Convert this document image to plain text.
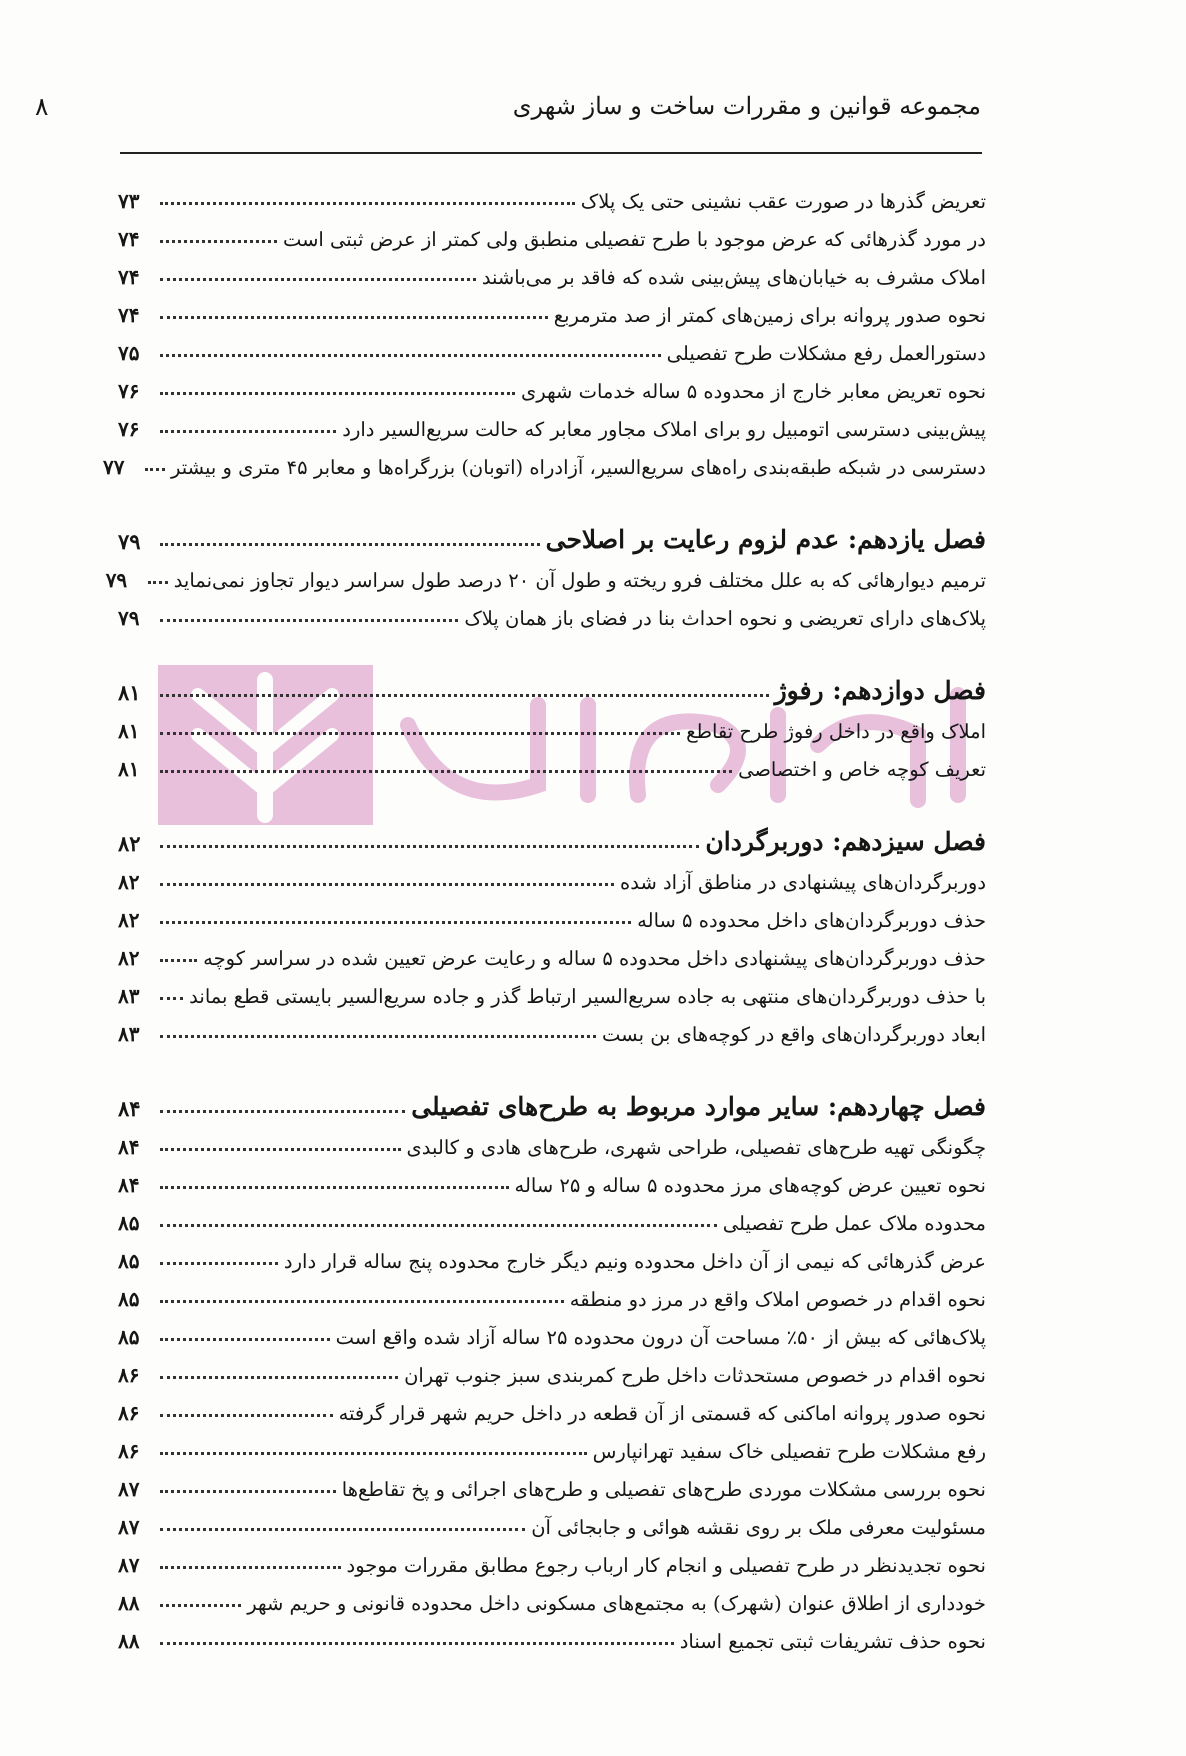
مجموعه قوانین و مقررات ساخت و ساز شهری
۸
تعریض گذرها در صورت عقب نشینی حتی یک پلاک
۷۳
در مورد گذرهائی که عرض موجود با طرح تفصیلی منطبق ولی کمتر از عرض ثبتی است
۷۴
املاک مشرف به خیابان‌های پیش‌بینی شده که فاقد بر می‌باشند
۷۴
نحوه صدور پروانه برای زمین‌های کمتر از صد مترمربع
۷۴
دستورالعمل رفع مشکلات طرح تفصیلی
۷۵
نحوه تعریض معابر خارج از محدوده ۵ ساله خدمات شهری
۷۶
پیش‌بینی دسترسی اتومبیل رو برای املاک مجاور معابر که حالت سریع‌السیر دارد
۷۶
دسترسی در شبکه طبقه‌بندی راه‌های سریع‌السیر، آزادراه (اتوبان) بزرگراه‌ها و معابر ۴۵ متری و بیشتر
۷۷
فصل یازدهم: عدم لزوم رعایت بر اصلاحی
۷۹
ترمیم دیوارهائی که به علل مختلف فرو ریخته و طول آن ۲۰ درصد طول سراسر دیوار تجاوز نمی‌نماید
۷۹
پلاک‌های دارای تعریضی و نحوه احداث بنا در فضای باز همان پلاک
۷۹
فصل دوازدهم: رفوژ
۸۱
املاک واقع در داخل رفوژ طرح تقاطع
۸۱
تعریف کوچه خاص و اختصاصی
۸۱
فصل سیزدهم: دوربرگردان
۸۲
دوربرگردان‌های پیشنهادی در مناطق آزاد شده
۸۲
حذف دوربرگردان‌های داخل محدوده ۵ ساله
۸۲
حذف دوربرگردان‌های پیشنهادی داخل محدوده ۵ ساله و رعایت عرض تعیین شده در سراسر کوچه
۸۲
با حذف دوربرگردان‌های منتهی به جاده سریع‌السیر ارتباط گذر و جاده سریع‌السیر بایستی قطع بماند
۸۳
ابعاد دوربرگردان‌های واقع در کوچه‌های بن بست
۸۳
فصل چهاردهم: سایر موارد مربوط به طرح‌های تفصیلی
۸۴
چگونگی تهیه طرح‌های تفصیلی، طراحی شهری، طرح‌های هادی و کالبدی
۸۴
نحوه تعیین عرض کوچه‌های مرز محدوده ۵ ساله و ۲۵ ساله
۸۴
محدوده ملاک عمل طرح تفصیلی
۸۵
عرض گذرهائی که نیمی از آن داخل محدوده ونیم دیگر خارج محدوده پنج ساله قرار دارد
۸۵
نحوه اقدام در خصوص املاک واقع در مرز دو منطقه
۸۵
پلاک‌هائی که بیش از ۵۰٪ مساحت آن درون محدوده ۲۵ ساله آزاد شده واقع است
۸۵
نحوه اقدام در خصوص مستحدثات داخل طرح کمربندی سبز جنوب تهران
۸۶
نحوه صدور پروانه اماکنی که قسمتی از آن قطعه در داخل حریم شهر قرار گرفته
۸۶
رفع مشکلات طرح تفصیلی خاک سفید تهرانپارس
۸۶
نحوه بررسی مشکلات موردی طرح‌های تفصیلی و طرح‌های اجرائی و پخ تقاطع‌ها
۸۷
مسئولیت معرفی ملک بر روی نقشه هوائی و جابجائی آن
۸۷
نحوه تجدیدنظر در طرح تفصیلی و انجام کار ارباب رجوع مطابق مقررات موجود
۸۷
خودداری از اطلاق عنوان (شهرک) به مجتمع‌های مسکونی داخل محدوده قانونی و حریم شهر
۸۸
نحوه حذف تشریفات ثبتی تجمیع اسناد
۸۸
